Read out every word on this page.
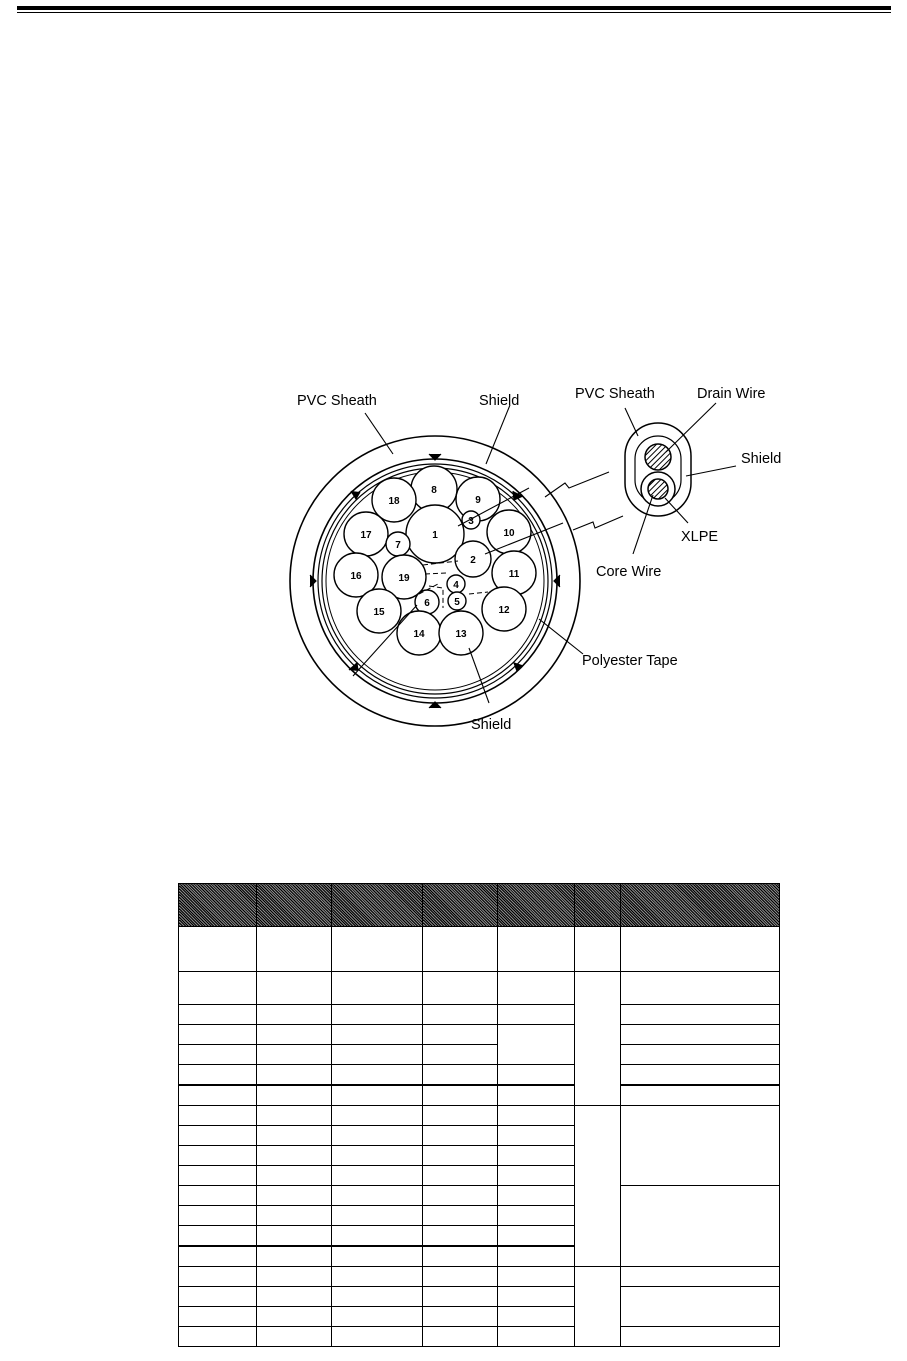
8
9
18
10
17	1
3
7
2
11
16	19
4
5
6
12
15
14	13
PVC Sheath	Shield
Polyester Tape
Shield
PVC Sheath	Drain Wire
Shield
XLPE
Core Wire
